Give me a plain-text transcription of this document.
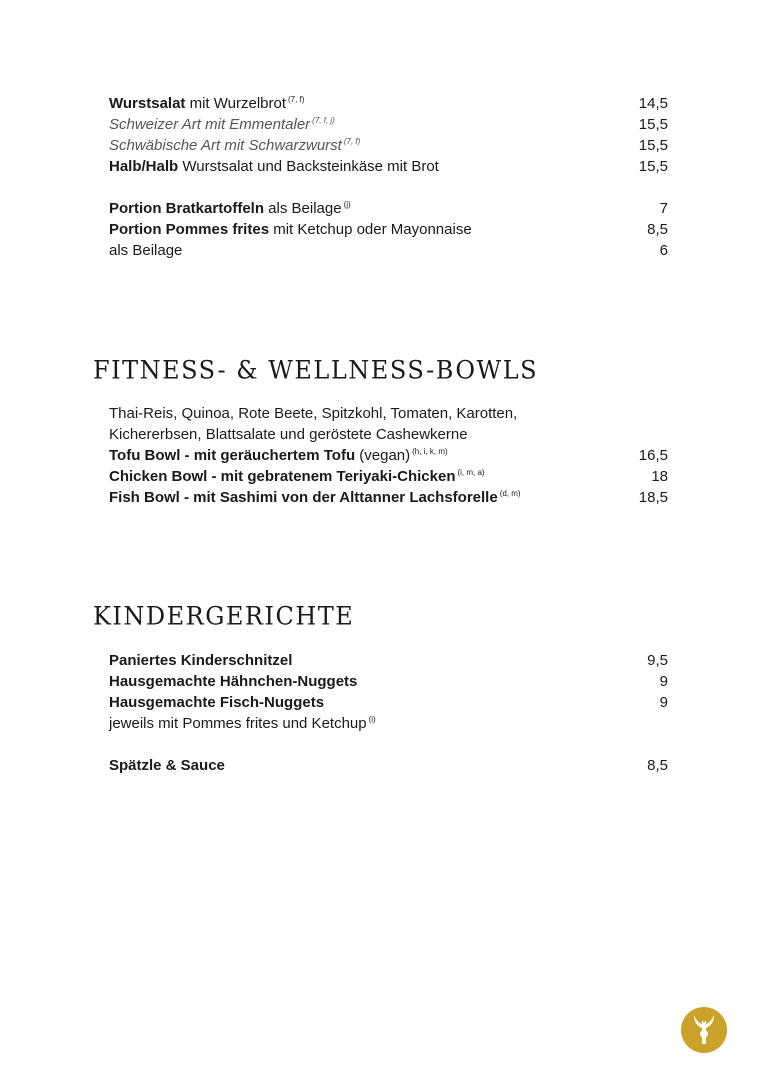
Wurstsalat mit Wurzelbrot $^{(7, f)}$	14,5
Schweizer Art mit Emmentaler $^{(7, f, j)}$	15,5
Schwäbische Art mit Schwarzwurst $^{(7, f)}$	15,5
Halb/Halb Wurstsalat und Backsteinkäse mit Brot	15,5
Portion Bratkartoffeln als Beilage $^{(j)}$	7
Portion Pommes frites mit Ketchup oder Mayonnaise	8,5
als Beilage	6
FITNESS- & WELLNESS-BOWLS
Thai-Reis, Quinoa, Rote Beete, Spitzkohl, Tomaten, Karotten,
Kichererbsen, Blattsalate und geröstete Cashewkerne
Tofu Bowl - mit geräuchertem Tofu (vegan) $^{(h, i, k, m)}$	16,5
Chicken Bowl - mit gebratenem Teriyaki-Chicken $^{(i, m, a)}$	18
Fish Bowl - mit Sashimi von der Alttanner Lachsforelle $^{(d, m)}$	18,5
KINDERGERICHTE
Paniertes Kinderschnitzel	9,5
Hausgemachte Hähnchen-Nuggets	9
Hausgemachte Fisch-Nuggets	9
jeweils mit Pommes frites und Ketchup $^{(i)}$
Spätzle & Sauce	8,5
